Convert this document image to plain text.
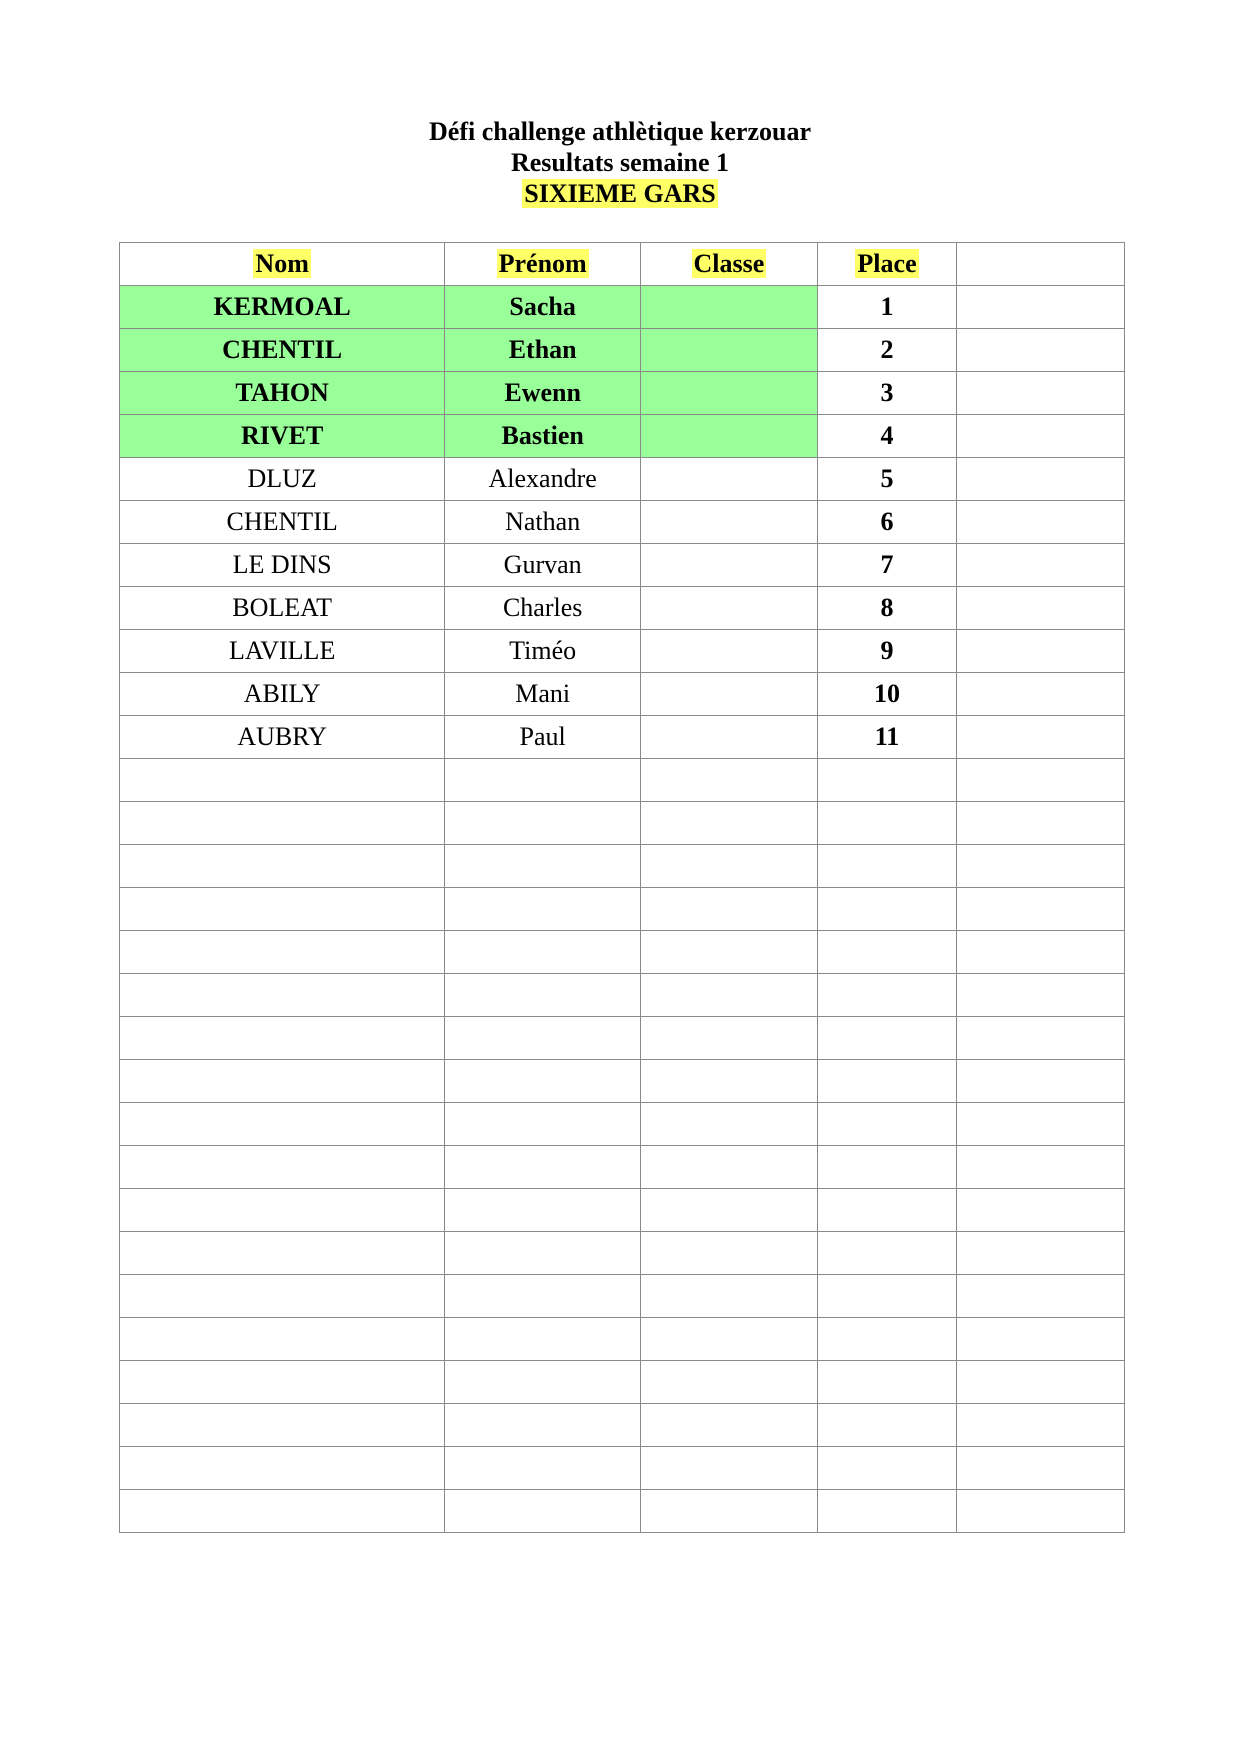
Défi challenge athlètique kerzouar
Resultats semaine 1
SIXIEME GARS
Nom	Prénom	Classe	Place	
KERMOAL	Sacha		1	
CHENTIL	Ethan		2	
TAHON	Ewenn		3	
RIVET	Bastien		4	
DLUZ	Alexandre		5	
CHENTIL	Nathan		6	
LE DINS	Gurvan		7	
BOLEAT	Charles		8	
LAVILLE	Timéo		9	
ABILY	Mani		10	
AUBRY	Paul		11	
